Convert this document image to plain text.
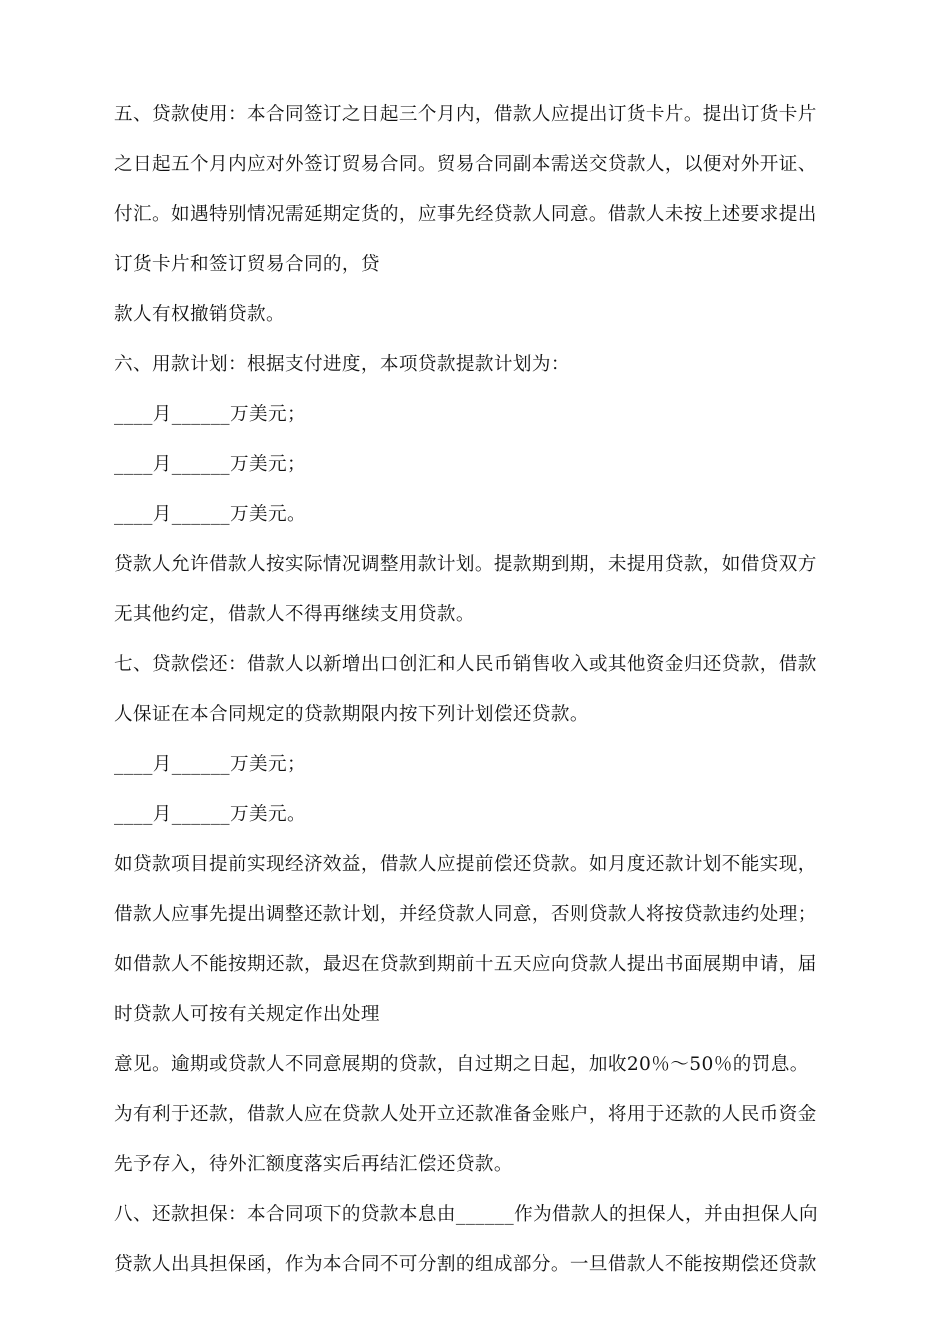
五、贷款使用：本合同签订之日起三个月内，借款人应提出订货卡片。提出订货卡片

之日起五个月内应对外签订贸易合同。贸易合同副本需送交贷款人，以便对外开证、

付汇。如遇特别情况需延期定货的，应事先经贷款人同意。借款人未按上述要求提出

订货卡片和签订贸易合同的，贷

款人有权撤销贷款。

六、用款计划：根据支付进度，本项贷款提款计划为：

____月______万美元；

____月______万美元；

____月______万美元。

贷款人允许借款人按实际情况调整用款计划。提款期到期，未提用贷款，如借贷双方

无其他约定，借款人不得再继续支用贷款。

七、贷款偿还：借款人以新增出口创汇和人民币销售收入或其他资金归还贷款，借款

人保证在本合同规定的贷款期限内按下列计划偿还贷款。

____月______万美元；

____月______万美元。

如贷款项目提前实现经济效益，借款人应提前偿还贷款。如月度还款计划不能实现，

借款人应事先提出调整还款计划，并经贷款人同意，否则贷款人将按贷款违约处理；

如借款人不能按期还款，最迟在贷款到期前十五天应向贷款人提出书面展期申请，届

时贷款人可按有关规定作出处理

意见。逾期或贷款人不同意展期的贷款，自过期之日起，加收20％～50％的罚息。

为有利于还款，借款人应在贷款人处开立还款准备金账户，将用于还款的人民币资金

先予存入，待外汇额度落实后再结汇偿还贷款。

八、还款担保：本合同项下的贷款本息由______作为借款人的担保人，并由担保人向

贷款人出具担保函，作为本合同不可分割的组成部分。一旦借款人不能按期偿还贷款
